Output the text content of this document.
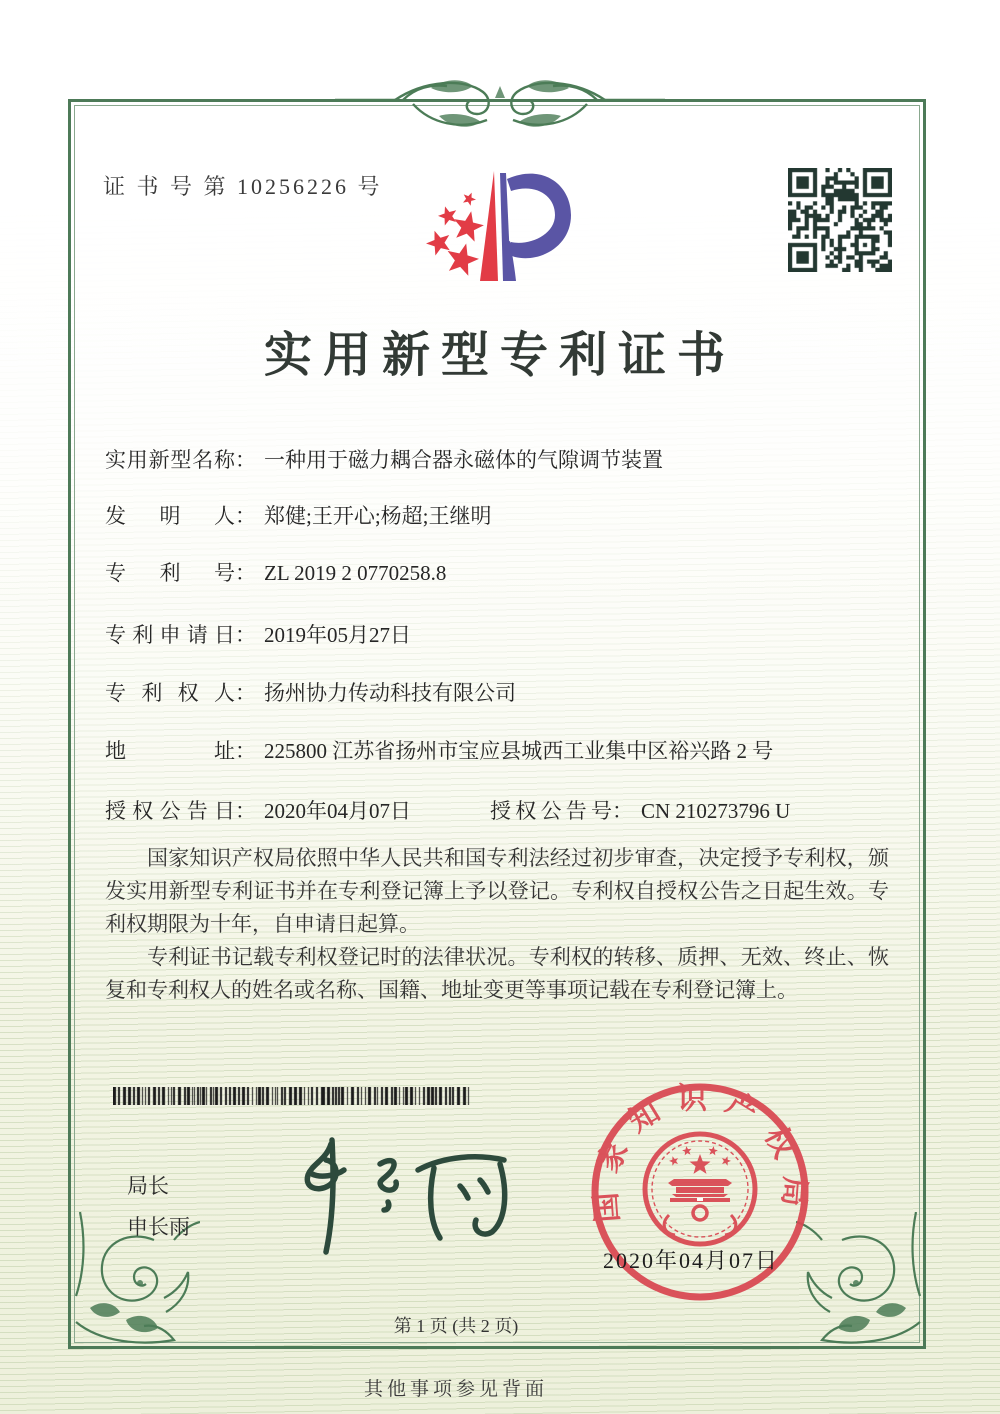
证 书 号 第 10256226 号
实用新型专利证书
实用新型名称： 一种用于磁力耦合器永磁体的气隙调节装置
发明人： 郑健;王开心;杨超;王继明
专利号： ZL 2019 2 0770258.8
专利申请日： 2019年05月27日
专利权人： 扬州协力传动科技有限公司
地址： 225800 江苏省扬州市宝应县城西工业集中区裕兴路 2 号
授权公告日： 2020年04月07日	授权公告号： CN 210273796 U

国家知识产权局依照中华人民共和国专利法经过初步审查，决定授予专利权，颁发实用新型专利证书并在专利登记簿上予以登记。专利权自授权公告之日起生效。专利权期限为十年，自申请日起算。

专利证书记载专利权登记时的法律状况。专利权的转移、质押、无效、终止、恢复和专利权人的姓名或名称、国籍、地址变更等事项记载在专利登记簿上。

局长
申长雨
国家知识产权局
2020年04月07日
第 1 页 (共 2 页)
其他事项参见背面
